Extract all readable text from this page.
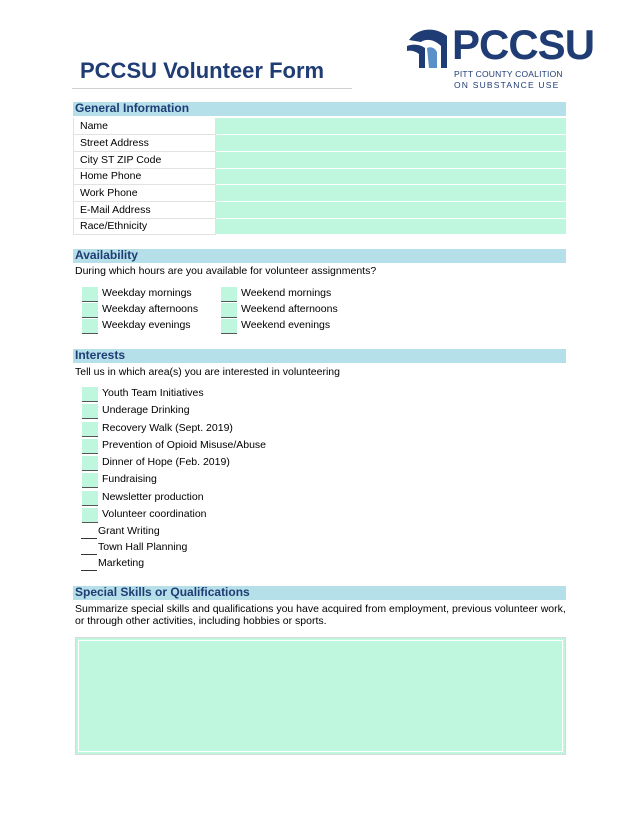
PCCSU Volunteer Form
PCCSU
PITT COUNTY COALITION
ON SUBSTANCE USE
General Information
Name	
Street Address	
City ST ZIP Code	
Home Phone	
Work Phone	
E-Mail Address	
Race/Ethnicity	
Availability
During which hours are you available for volunteer assignments?
Weekday mornings
Weekday afternoons
Weekday evenings
Weekend mornings
Weekend afternoons
Weekend evenings
Interests
Tell us in which area(s) you are interested in volunteering
Youth Team Initiatives
Underage Drinking
Recovery Walk (Sept. 2019)
Prevention of Opioid Misuse/Abuse
Dinner of Hope (Feb. 2019)
Fundraising
Newsletter production
Volunteer coordination
Grant Writing
Town Hall Planning
Marketing
Special Skills or Qualifications
Summarize special skills and qualifications you have acquired from employment, previous volunteer work,
or through other activities, including hobbies or sports.
